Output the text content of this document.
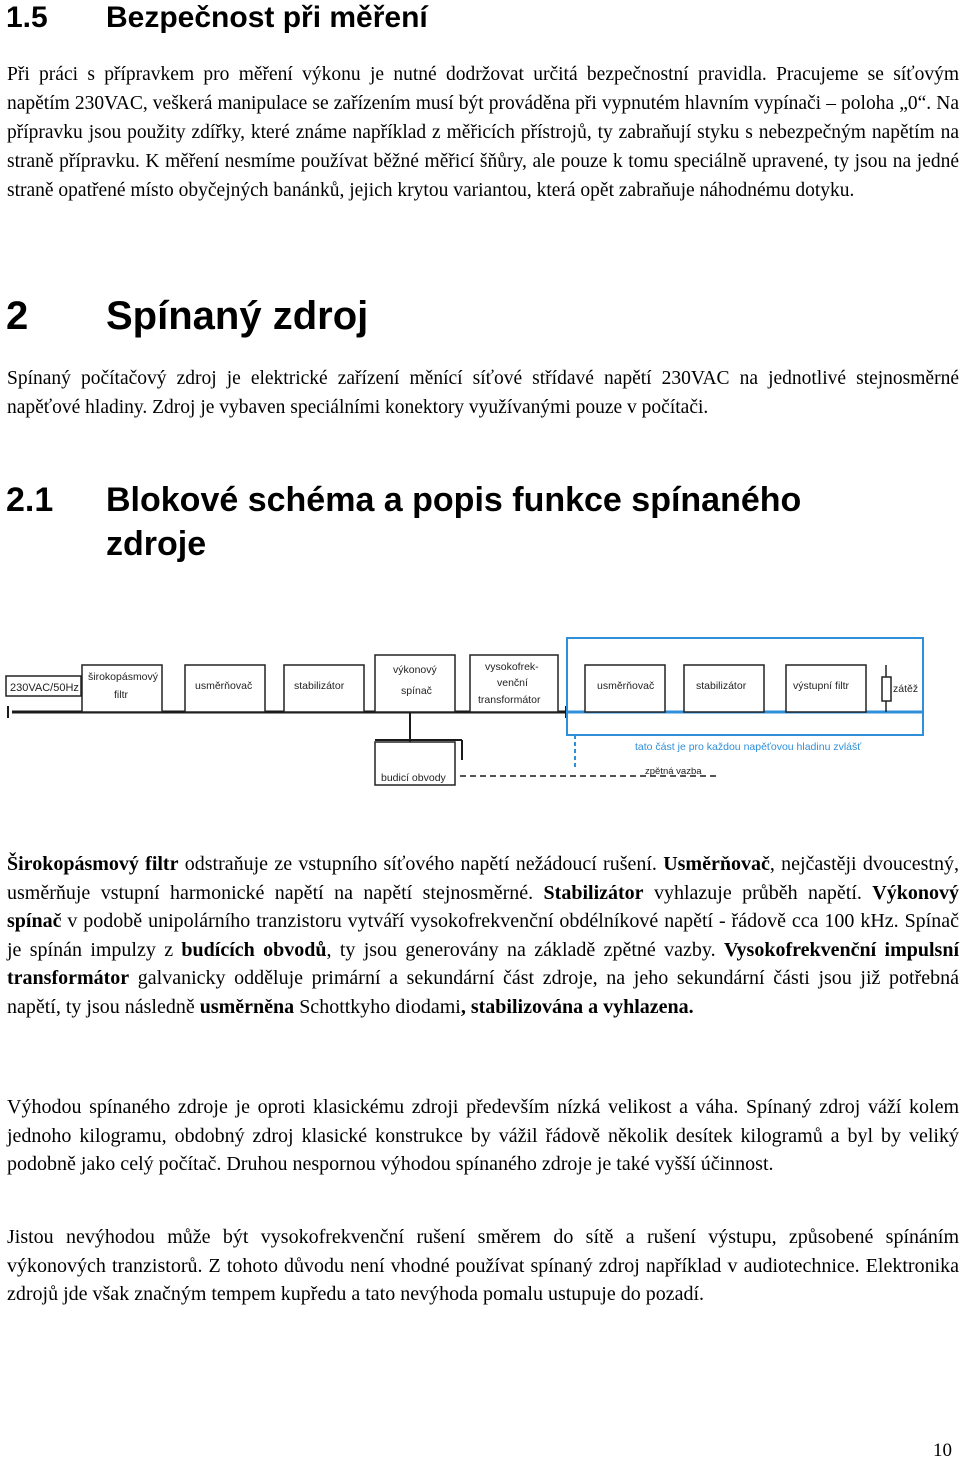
1.5 Bezpečnost při měření

Při práci s přípravkem pro měření výkonu je nutné dodržovat určitá bezpečnostní pravidla. Pracujeme se síťovým napětím 230VAC, veškerá manipulace se zařízením musí být prováděna při vypnutém hlavním vypínači – poloha „0“. Na přípravku jsou použity zdířky, které známe například z měřicích přístrojů, ty zabraňují styku s nebezpečným napětím na straně přípravku. K měření nesmíme používat běžné měřicí šňůry, ale pouze k tomu speciálně upravené, ty jsou na jedné straně opatřené místo obyčejných banánků, jejich krytou variantou, která opět zabraňuje náhodnému dotyku.

2 Spínaný zdroj

Spínaný počítačový zdroj je elektrické zařízení měnící síťové střídavé napětí 230VAC na jednotlivé stejnosměrné napěťové hladiny. Zdroj je vybaven speciálními konektory využívanými pouze v počítači.

2.1 Blokové schéma a popis funkce spínaného
zdroje
230VAC/50Hz
širokopásmový
filtr
usměrňovač	stabilizátor
výkonový
spínač
vysokofrek-
venční
transformátor
usměrňovač	stabilizátor	výstupní filtr	zátěž
budicí obvody
tato část je pro každou napěťovou hladinu zvlášť
zpětná vazba

Širokopásmový filtr odstraňuje ze vstupního síťového napětí nežádoucí rušení. Usměrňovač, nejčastěji dvoucestný, usměrňuje vstupní harmonické napětí na napětí stejnosměrné. Stabilizátor vyhlazuje průběh napětí. Výkonový spínač v podobě unipolárního tranzistoru vytváří vysokofrekvenční obdélníkové napětí - řádově cca 100 kHz. Spínač je spínán impulzy z budících obvodů, ty jsou generovány na základě zpětné vazby. Vysokofrekvenční impulsní transformátor galvanicky odděluje primární a sekundární část zdroje, na jeho sekundární části jsou již potřebná napětí, ty jsou následně usměrněna Schottkyho diodami, stabilizována a vyhlazena.

Výhodou spínaného zdroje je oproti klasickému zdroji především nízká velikost a váha. Spínaný zdroj váží kolem jednoho kilogramu, obdobný zdroj klasické konstrukce by vážil řádově několik desítek kilogramů a byl by veliký podobně jako celý počítač. Druhou nespornou výhodou spínaného zdroje je také vyšší účinnost.

Jistou nevýhodou může být vysokofrekvenční rušení směrem do sítě a rušení výstupu, způsobené spínáním výkonových tranzistorů. Z tohoto důvodu není vhodné používat spínaný zdroj například v audiotechnice. Elektronika zdrojů jde však značným tempem kupředu a tato nevýhoda pomalu ustupuje do pozadí.

10
